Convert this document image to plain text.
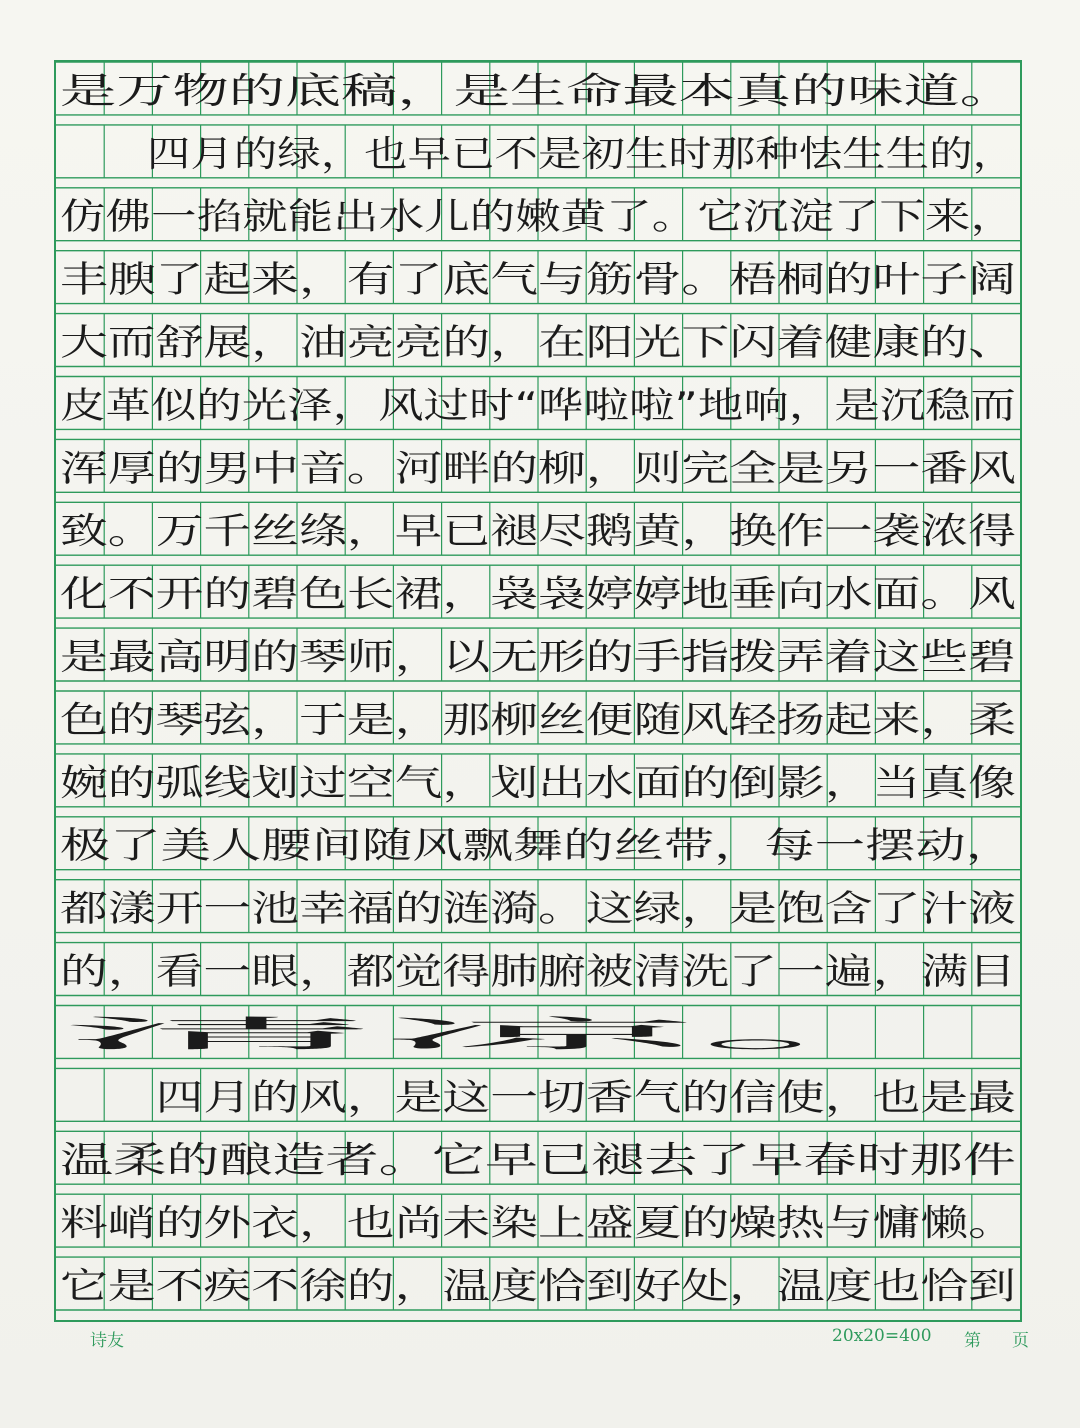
是万物的底稿，是生命最本真的味道。
　　四月的绿，也早已不是初生时那种怯生生的，
仿佛一掐就能出水儿的嫩黄了。它沉淀了下来，
丰腴了起来，有了底气与筋骨。梧桐的叶子阔
大而舒展，油亮亮的，在阳光下闪着健康的、
皮革似的光泽，风过时“哗啦啦”地响，是沉稳而
浑厚的男中音。河畔的柳，则完全是另一番风
致。万千丝绦，早已褪尽鹅黄，换作一袭浓得
化不开的碧色长裙，袅袅婷婷地垂向水面。风
是最高明的琴师，以无形的手指拨弄着这些碧
色的琴弦，于是，那柳丝便随风轻扬起来，柔
婉的弧线划过空气，划出水面的倒影，当真像
极了美人腰间随风飘舞的丝带，每一摆动，
都漾开一池幸福的涟漪。这绿，是饱含了汁液
的，看一眼，都觉得肺腑被清洗了一遍，满目
清凉。
　　四月的风，是这一切香气的信使，也是最
温柔的酿造者。它早已褪去了早春时那件
料峭的外衣，也尚未染上盛夏的燥热与慵懒。
它是不疾不徐的，温度恰到好处，温度也恰到
诗友	20x20=400 第 页
